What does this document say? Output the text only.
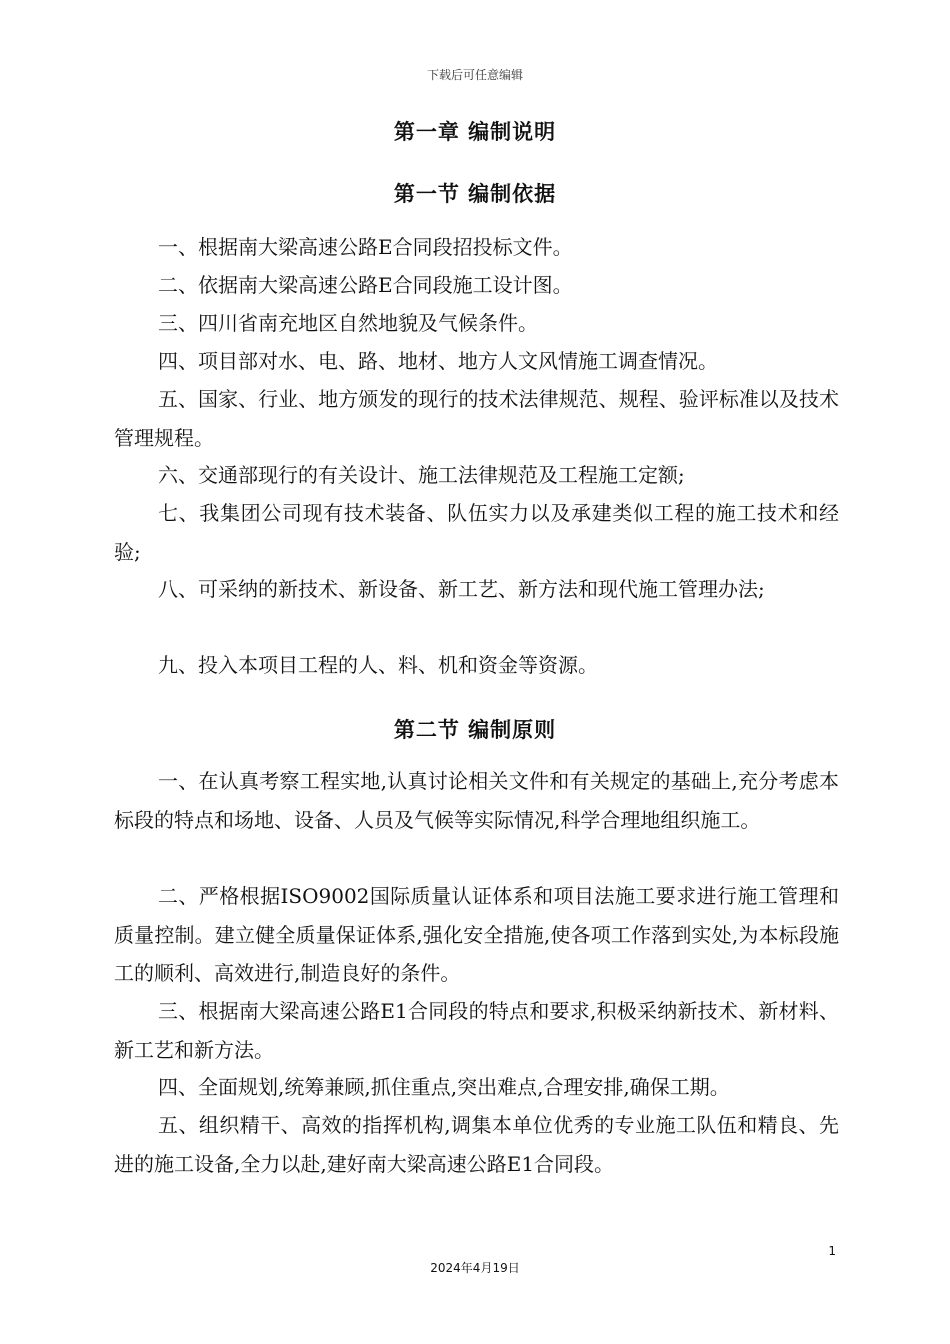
下载后可任意编辑
第一章 编制说明
第一节 编制依据
一、根据南大梁高速公路E合同段招投标文件。
二、依据南大梁高速公路E合同段施工设计图。
三、四川省南充地区自然地貌及气候条件。
四、项目部对水、电、路、地材、地方人文风情施工调查情况。
五、国家、行业、地方颁发的现行的技术法律规范、规程、验评标准以及技术管理规程。
六、交通部现行的有关设计、施工法律规范及工程施工定额;
七、我集团公司现有技术装备、队伍实力以及承建类似工程的施工技术和经验;
八、可采纳的新技术、新设备、新工艺、新方法和现代施工管理办法;
九、投入本项目工程的人、料、机和资金等资源。
第二节 编制原则
一、在认真考察工程实地,认真讨论相关文件和有关规定的基础上,充分考虑本标段的特点和场地、设备、人员及气候等实际情况,科学合理地组织施工。
二、严格根据ISO9002国际质量认证体系和项目法施工要求进行施工管理和质量控制。建立健全质量保证体系,强化安全措施,使各项工作落到实处,为本标段施工的顺利、高效进行,制造良好的条件。
三、根据南大梁高速公路E1合同段的特点和要求,积极采纳新技术、新材料、新工艺和新方法。
四、全面规划,统筹兼顾,抓住重点,突出难点,合理安排,确保工期。
五、组织精干、高效的指挥机构,调集本单位优秀的专业施工队伍和精良、先进的施工设备,全力以赴,建好南大梁高速公路E1合同段。
1
2024年4月19日
